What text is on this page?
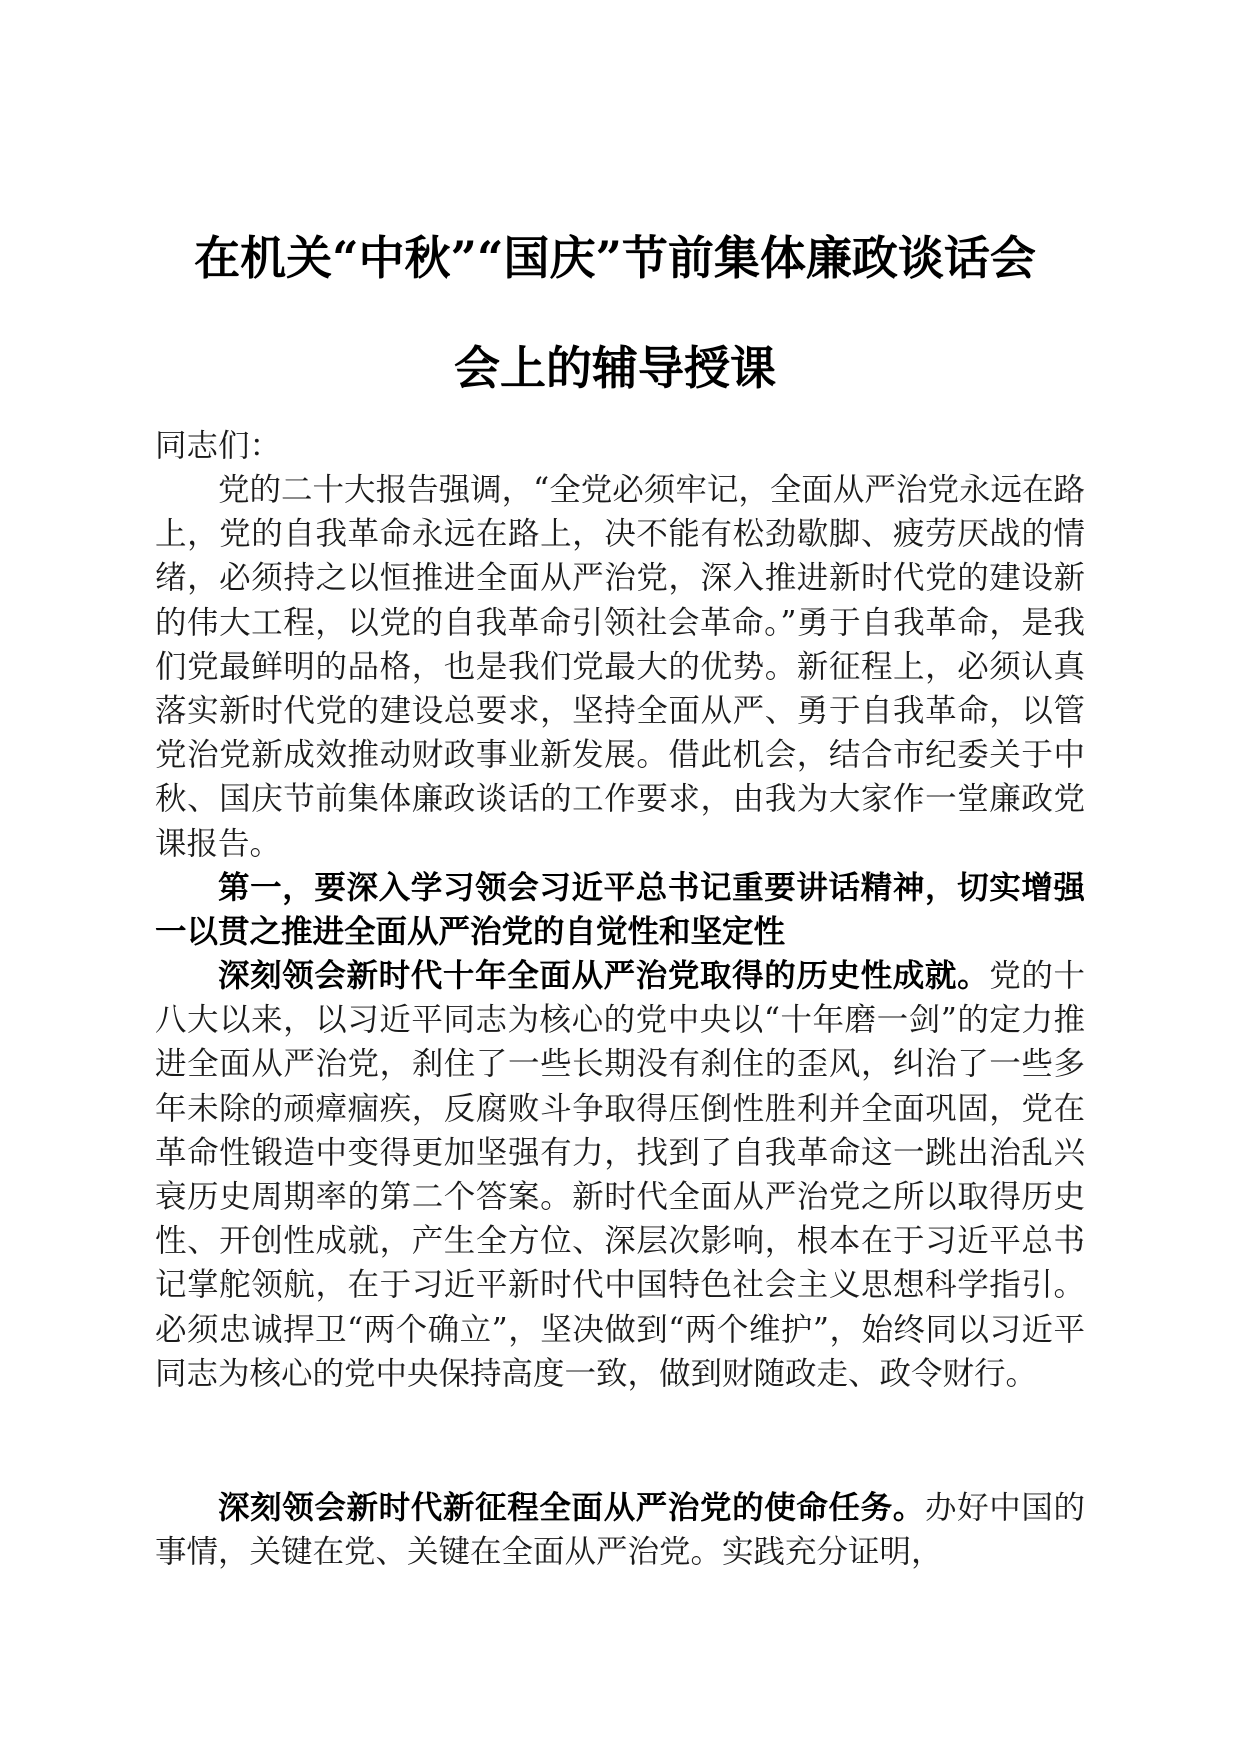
在机关“中秋”“国庆”节前集体廉政谈话会
会上的辅导授课
同志们：

党的二十大报告强调，“全党必须牢记，全面从严治党永远在路上，党的自我革命永远在路上，决不能有松劲歇脚、疲劳厌战的情绪，必须持之以恒推进全面从严治党，深入推进新时代党的建设新的伟大工程，以党的自我革命引领社会革命。”勇于自我革命，是我们党最鲜明的品格，也是我们党最大的优势。新征程上，必须认真落实新时代党的建设总要求，坚持全面从严、勇于自我革命，以管党治党新成效推动财政事业新发展。借此机会，结合市纪委关于中秋、国庆节前集体廉政谈话的工作要求，由我为大家作一堂廉政党课报告。

第一，要深入学习领会习近平总书记重要讲话精神，切实增强一以贯之推进全面从严治党的自觉性和坚定性

深刻领会新时代十年全面从严治党取得的历史性成就。党的十八大以来，以习近平同志为核心的党中央以“十年磨一剑”的定力推进全面从严治党，刹住了一些长期没有刹住的歪风，纠治了一些多年未除的顽瘴痼疾，反腐败斗争取得压倒性胜利并全面巩固，党在革命性锻造中变得更加坚强有力，找到了自我革命这一跳出治乱兴衰历史周期率的第二个答案。新时代全面从严治党之所以取得历史性、开创性成就，产生全方位、深层次影响，根本在于习近平总书记掌舵领航，在于习近平新时代中国特色社会主义思想科学指引。必须忠诚捍卫“两个确立”，坚决做到“两个维护”，始终同以习近平同志为核心的党中央保持高度一致，做到财随政走、政令财行。

深刻领会新时代新征程全面从严治党的使命任务。办好中国的事情，关键在党、关键在全面从严治党。实践充分证明，
